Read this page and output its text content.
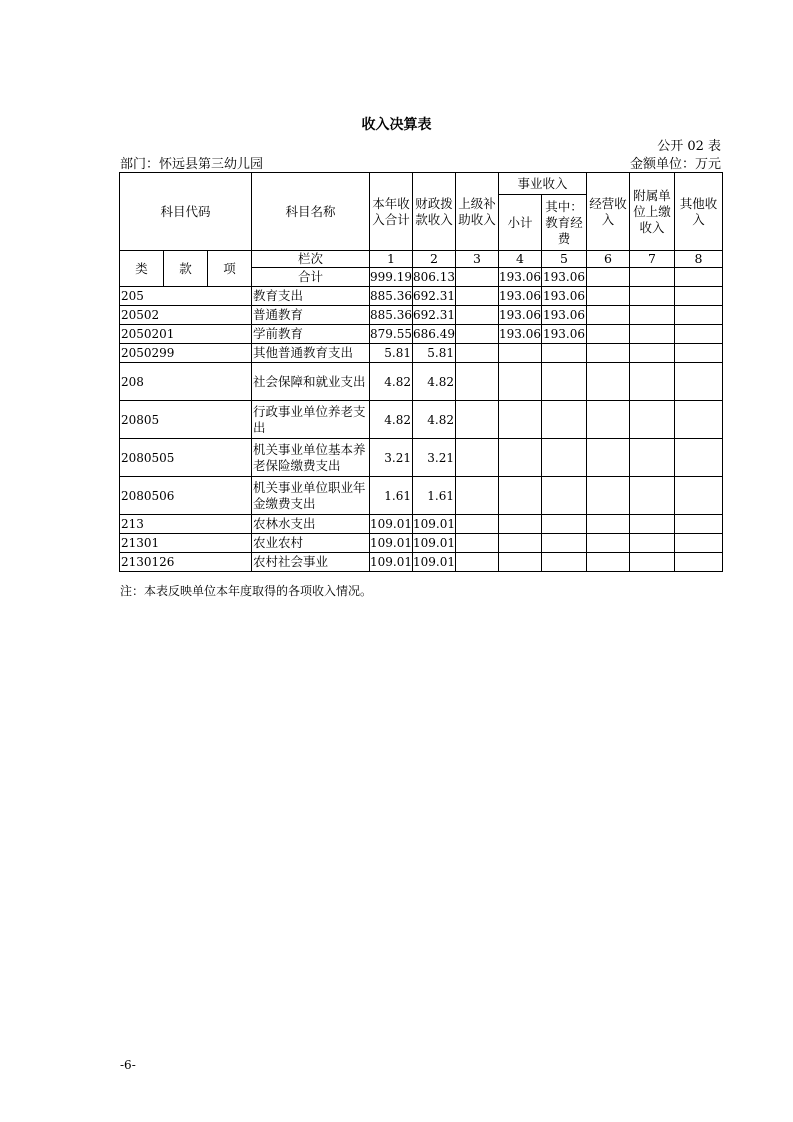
收入决算表
公开 02 表
部门：怀远县第三幼儿园	金额单位：万元
科目代码			科目名称	本年收入合计	财政拨款收入	上级补助收入	事业收入		经营收入	附属单位上缴收入	其他收入
							小计	其中：教育经费			

类	款	项	栏次	1	2	3	4	5	6	7	8
			合计	999.19	806.13		193.06	193.06			
205			教育支出	885.36	692.31		193.06	193.06			
20502			普通教育	885.36	692.31		193.06	193.06			
2050201			学前教育	879.55	686.49		193.06	193.06			
2050299			其他普通教育支出	5.81	5.81						
208			社会保障和就业支出	4.82	4.82						
20805			行政事业单位养老支出	4.82	4.82						
2080505			机关事业单位基本养老保险缴费支出	3.21	3.21						
2080506			机关事业单位职业年金缴费支出	1.61	1.61						
213			农林水支出	109.01	109.01						
21301			农业农村	109.01	109.01						
2130126			农村社会事业	109.01	109.01						
注：本表反映单位本年度取得的各项收入情况。
-6-
